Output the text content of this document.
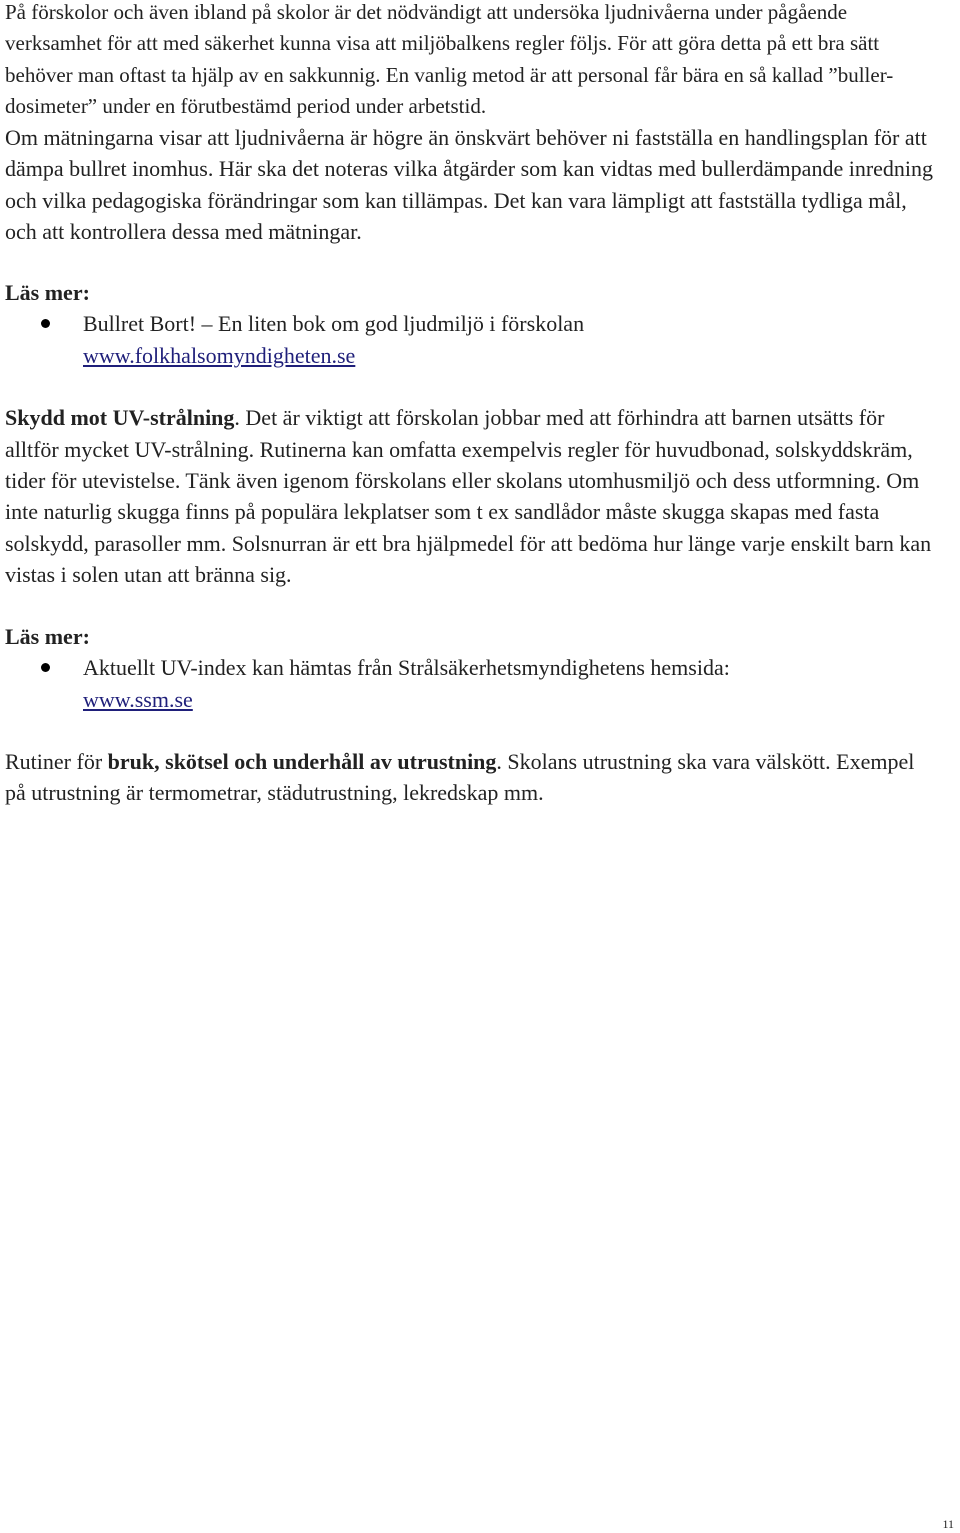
På förskolor och även ibland på skolor är det nödvändigt att undersöka ljudnivåerna under pågående verksamhet för att med säkerhet kunna visa att miljöbalkens regler följs. För att göra detta på ett bra sätt behöver man oftast ta hjälp av en sakkunnig. En vanlig metod är att personal får bära en så kallad ”buller-dosimeter” under en förutbestämd period under arbetstid.

Om mätningarna visar att ljudnivåerna är högre än önskvärt behöver ni fastställa en handlingsplan för att dämpa bullret inomhus. Här ska det noteras vilka åtgärder som kan vidtas med bullerdämpande inredning och vilka pedagogiska förändringar som kan tillämpas. Det kan vara lämpligt att fastställa tydliga mål, och att kontrollera dessa med mätningar.

Läs mer:

Bullret Bort! – En liten bok om god ljudmiljö i förskolan
www.folkhalsomyndigheten.se

Skydd mot UV-strålning. Det är viktigt att förskolan jobbar med att förhindra att barnen utsätts för alltför mycket UV-strålning. Rutinerna kan omfatta exempelvis regler för huvudbonad, solskyddskräm, tider för utevistelse. Tänk även igenom förskolans eller skolans utomhusmiljö och dess utformning. Om inte naturlig skugga finns på populära lekplatser som t ex sandlådor måste skugga skapas med fasta solskydd, parasoller mm. Solsnurran är ett bra hjälpmedel för att bedöma hur länge varje enskilt barn kan vistas i solen utan att bränna sig.

Läs mer:

Aktuellt UV-index kan hämtas från Strålsäkerhetsmyndighetens hemsida:
www.ssm.se

Rutiner för bruk, skötsel och underhåll av utrustning. Skolans utrustning ska vara välskött. Exempel på utrustning är termometrar, städutrustning, lekredskap mm.

11
